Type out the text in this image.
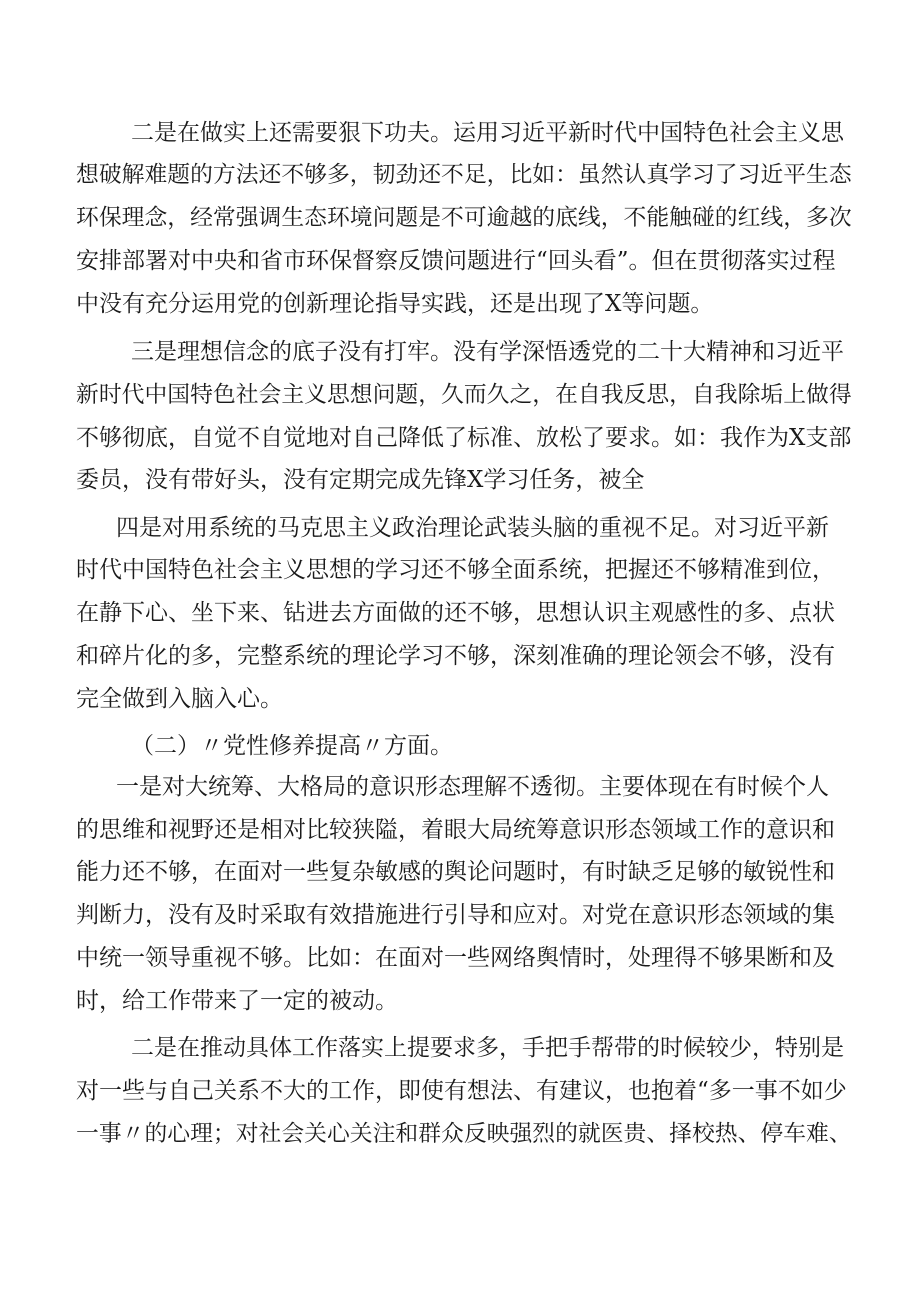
二是在做实上还需要狠下功夫。运用习近平新时代中国特色社会主义思
想破解难题的方法还不够多，韧劲还不足，比如：虽然认真学习了习近平生态
环保理念，经常强调生态环境问题是不可逾越的底线，不能触碰的红线，多次
安排部署对中央和省市环保督察反馈问题进行“回头看”。但在贯彻落实过程
中没有充分运用党的创新理论指导实践，还是出现了X等问题。
三是理想信念的底子没有打牢。没有学深悟透党的二十大精神和习近平
新时代中国特色社会主义思想问题，久而久之，在自我反思，自我除垢上做得
不够彻底，自觉不自觉地对自己降低了标准、放松了要求。如：我作为X支部
委员，没有带好头，没有定期完成先锋X学习任务，被全
四是对用系统的马克思主义政治理论武装头脑的重视不足。对习近平新
时代中国特色社会主义思想的学习还不够全面系统，把握还不够精准到位，
在静下心、坐下来、钻进去方面做的还不够，思想认识主观感性的多、点状
和碎片化的多，完整系统的理论学习不够，深刻准确的理论领会不够，没有
完全做到入脑入心。
（二）〃党性修养提高〃方面。
一是对大统筹、大格局的意识形态理解不透彻。主要体现在有时候个人
的思维和视野还是相对比较狭隘，着眼大局统筹意识形态领域工作的意识和
能力还不够，在面对一些复杂敏感的舆论问题时，有时缺乏足够的敏锐性和
判断力，没有及时采取有效措施进行引导和应对。对党在意识形态领域的集
中统一领导重视不够。比如：在面对一些网络舆情时，处理得不够果断和及
时，给工作带来了一定的被动。
二是在推动具体工作落实上提要求多，手把手帮带的时候较少，特别是
对一些与自己关系不大的工作，即使有想法、有建议，也抱着“多一事不如少
一事〃的心理；对社会关心关注和群众反映强烈的就医贵、择校热、停车难、
